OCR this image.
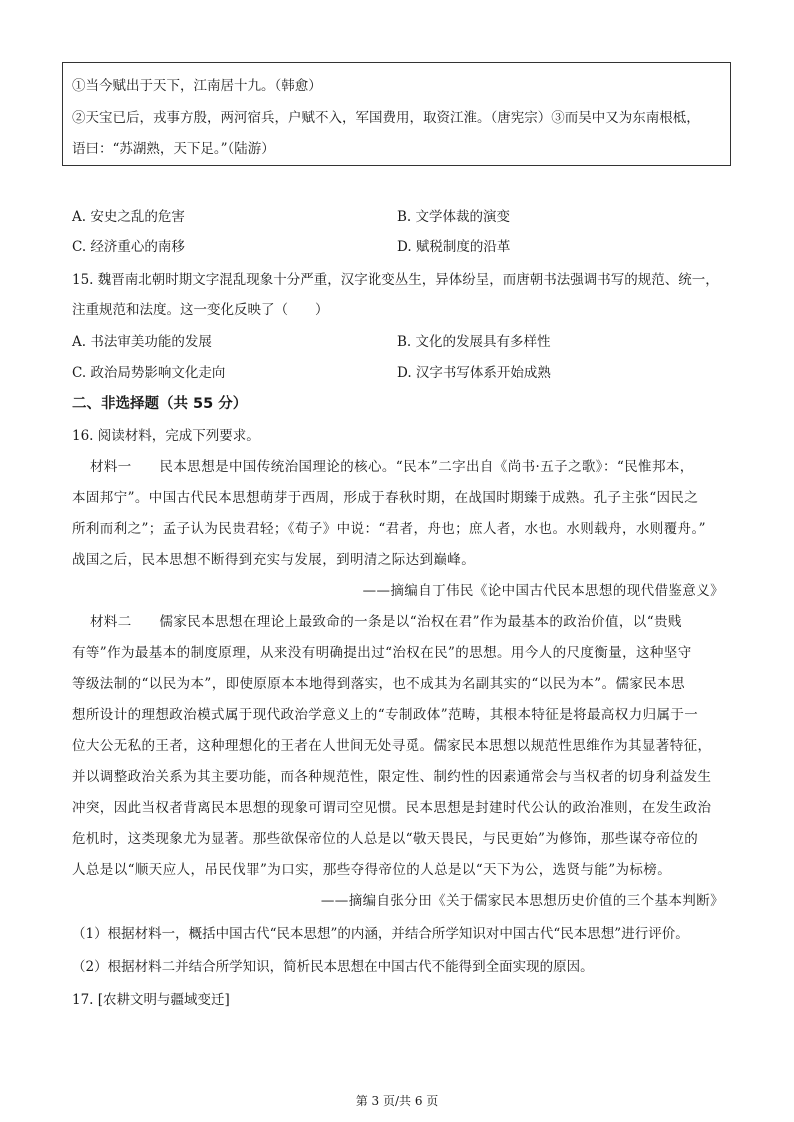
①当今赋出于天下，江南居十九。（韩愈）
②天宝已后，戎事方殷，两河宿兵，户赋不入，军国费用，取资江淮。（唐宪宗）③而吴中又为东南根柢，
语曰：“苏湖熟，天下足。”（陆游）
A. 安史之乱的危害	B. 文学体裁的演变
C. 经济重心的南移	D. 赋税制度的沿革
15. 魏晋南北朝时期文字混乱现象十分严重，汉字讹变丛生，异体纷呈，而唐朝书法强调书写的规范、统一，
注重规范和法度。这一变化反映了（　　）
A. 书法审美功能的发展	B. 文化的发展具有多样性
C. 政治局势影响文化走向	D. 汉字书写体系开始成熟
二、非选择题（共 55 分）
16. 阅读材料，完成下列要求。
材料一　　民本思想是中国传统治国理论的核心。“民本”二字出自《尚书·五子之歌》：“民惟邦本，
本固邦宁”。中国古代民本思想萌芽于西周，形成于春秋时期，在战国时期臻于成熟。孔子主张“因民之
所利而利之”；孟子认为民贵君轻；《荀子》中说：“君者，舟也；庶人者，水也。水则载舟，水则覆舟。”
战国之后，民本思想不断得到充实与发展，到明清之际达到巅峰。
——摘编自丁伟民《论中国古代民本思想的现代借鉴意义》
材料二　　儒家民本思想在理论上最致命的一条是以“治权在君”作为最基本的政治价值，以“贵贱
有等”作为最基本的制度原理，从来没有明确提出过“治权在民”的思想。用今人的尺度衡量，这种坚守
等级法制的“以民为本”，即使原原本本地得到落实，也不成其为名副其实的“以民为本”。儒家民本思
想所设计的理想政治模式属于现代政治学意义上的“专制政体”范畴，其根本特征是将最高权力归属于一
位大公无私的王者，这种理想化的王者在人世间无处寻觅。儒家民本思想以规范性思维作为其显著特征，
并以调整政治关系为其主要功能，而各种规范性，限定性、制约性的因素通常会与当权者的切身利益发生
冲突，因此当权者背离民本思想的现象可谓司空见惯。民本思想是封建时代公认的政治准则，在发生政治
危机时，这类现象尤为显著。那些欲保帝位的人总是以“敬天畏民，与民更始”为修饰，那些谋夺帝位的
人总是以“顺天应人，吊民伐罪”为口实，那些夺得帝位的人总是以“天下为公，选贤与能”为标榜。
——摘编自张分田《关于儒家民本思想历史价值的三个基本判断》
（1）根据材料一，概括中国古代“民本思想”的内涵，并结合所学知识对中国古代“民本思想”进行评价。
（2）根据材料二并结合所学知识，简析民本思想在中国古代不能得到全面实现的原因。
17. [农耕文明与疆域变迁]
第 3 页/共 6 页
